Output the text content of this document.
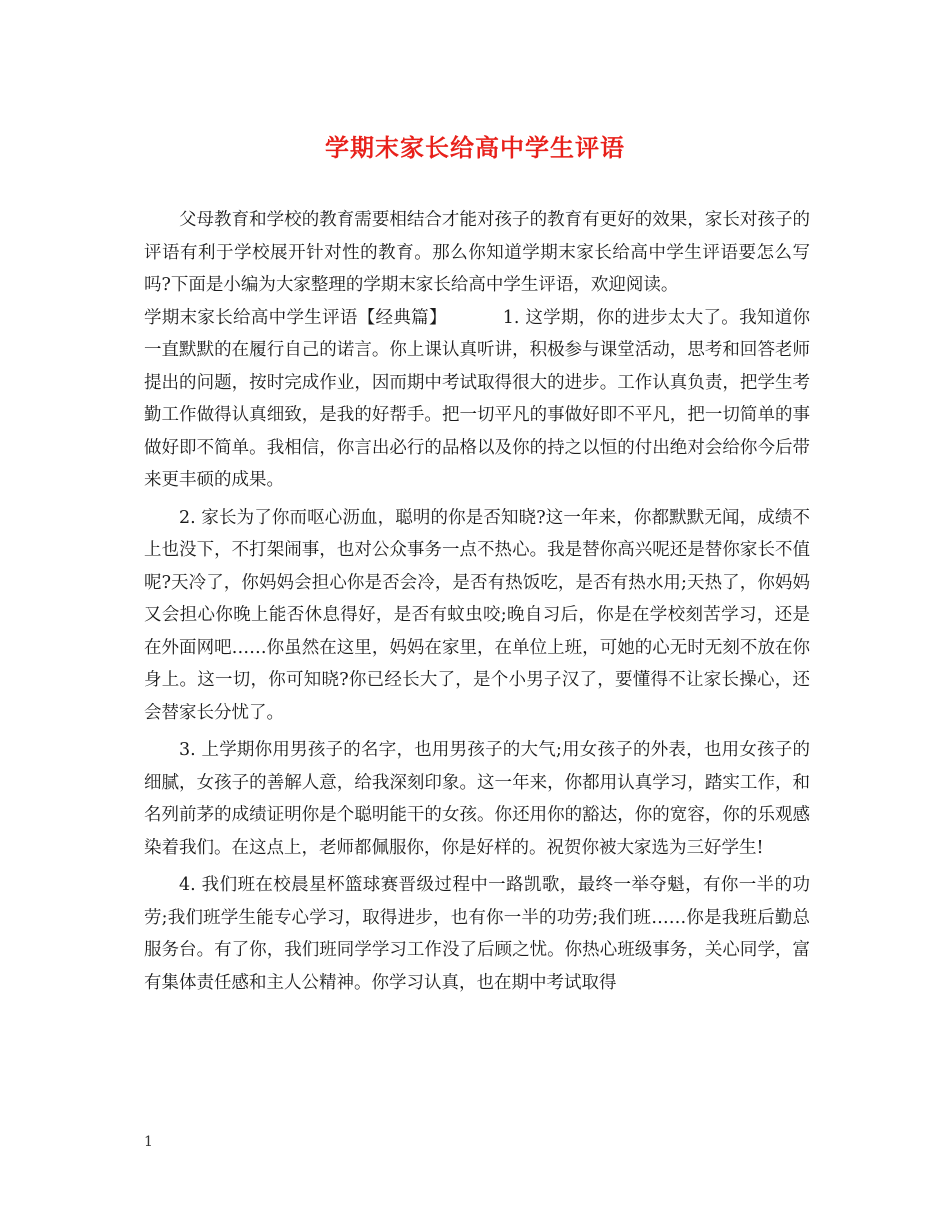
学期末家长给高中学生评语

父母教育和学校的教育需要相结合才能对孩子的教育有更好的效果，家长对孩子的评语有利于学校展开针对性的教育。那么你知道学期末家长给高中学生评语要怎么写吗?下面是小编为大家整理的学期末家长给高中学生评语，欢迎阅读。

学期末家长给高中学生评语【经典篇】	1. 这学期，你的进步太大了。我知道你一直默默的在履行自己的诺言。你上课认真听讲，积极参与课堂活动，思考和回答老师提出的问题，按时完成作业，因而期中考试取得很大的进步。工作认真负责，把学生考勤工作做得认真细致，是我的好帮手。把一切平凡的事做好即不平凡，把一切简单的事做好即不简单。我相信，你言出必行的品格以及你的持之以恒的付出绝对会给你今后带来更丰硕的成果。

2. 家长为了你而呕心沥血，聪明的你是否知晓?这一年来，你都默默无闻，成绩不上也没下，不打架闹事，也对公众事务一点不热心。我是替你高兴呢还是替你家长不值呢?天冷了，你妈妈会担心你是否会冷，是否有热饭吃，是否有热水用;天热了，你妈妈又会担心你晚上能否休息得好，是否有蚊虫咬;晚自习后，你是在学校刻苦学习，还是在外面网吧……你虽然在这里，妈妈在家里，在单位上班，可她的心无时无刻不放在你身上。这一切，你可知晓?你已经长大了，是个小男子汉了，要懂得不让家长操心，还会替家长分忧了。

3. 上学期你用男孩子的名字，也用男孩子的大气;用女孩子的外表，也用女孩子的细腻，女孩子的善解人意，给我深刻印象。这一年来，你都用认真学习，踏实工作，和名列前茅的成绩证明你是个聪明能干的女孩。你还用你的豁达，你的宽容，你的乐观感染着我们。在这点上，老师都佩服你，你是好样的。祝贺你被大家选为三好学生!

4. 我们班在校晨星杯篮球赛晋级过程中一路凯歌，最终一举夺魁，有你一半的功劳;我们班学生能专心学习，取得进步，也有你一半的功劳;我们班……你是我班后勤总服务台。有了你，我们班同学学习工作没了后顾之忧。你热心班级事务，关心同学，富有集体责任感和主人公精神。你学习认真，也在期中考试取得

1
